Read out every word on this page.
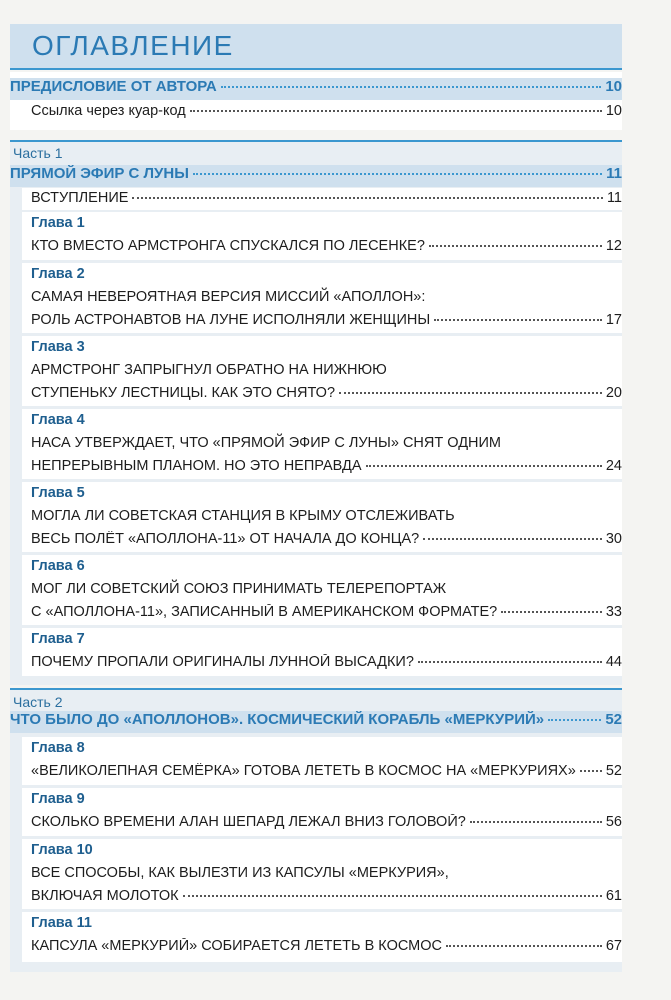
ОГЛАВЛЕНИЕ
ПРЕДИСЛОВИЕ ОТ АВТОРА	10
Ссылка через куар-код	10
Часть 1
ПРЯМОЙ ЭФИР С ЛУНЫ	11
ВСТУПЛЕНИЕ	11
Глава 1
КТО ВМЕСТО АРМСТРОНГА СПУСКАЛСЯ ПО ЛЕСЕНКЕ?	12
Глава 2
САМАЯ НЕВЕРОЯТНАЯ ВЕРСИЯ МИССИЙ «АПОЛЛОН»:
РОЛЬ АСТРОНАВТОВ НА ЛУНЕ ИСПОЛНЯЛИ ЖЕНЩИНЫ	17
Глава 3
АРМСТРОНГ ЗАПРЫГНУЛ ОБРАТНО НА НИЖНЮЮ
СТУПЕНЬКУ ЛЕСТНИЦЫ. КАК ЭТО СНЯТО?	20
Глава 4
НАСА УТВЕРЖДАЕТ, ЧТО «ПРЯМОЙ ЭФИР С ЛУНЫ» СНЯТ ОДНИМ
НЕПРЕРЫВНЫМ ПЛАНОМ. НО ЭТО НЕПРАВДА	24
Глава 5
МОГЛА ЛИ СОВЕТСКАЯ СТАНЦИЯ В КРЫМУ ОТСЛЕЖИВАТЬ
ВЕСЬ ПОЛЁТ «АПОЛЛОНА-11» ОТ НАЧАЛА ДО КОНЦА?	30
Глава 6
МОГ ЛИ СОВЕТСКИЙ СОЮЗ ПРИНИМАТЬ ТЕЛЕРЕПОРТАЖ
С «АПОЛЛОНА-11», ЗАПИСАННЫЙ В АМЕРИКАНСКОМ ФОРМАТЕ?	33
Глава 7
ПОЧЕМУ ПРОПАЛИ ОРИГИНАЛЫ ЛУННОЙ ВЫСАДКИ?	44
Часть 2
ЧТО БЫЛО ДО «АПОЛЛОНОВ». КОСМИЧЕСКИЙ КОРАБЛЬ «МЕРКУРИЙ»	52
Глава 8
«ВЕЛИКОЛЕПНАЯ СЕМЁРКА» ГОТОВА ЛЕТЕТЬ В КОСМОС НА «МЕРКУРИЯХ» 52
Глава 9
СКОЛЬКО ВРЕМЕНИ АЛАН ШЕПАРД ЛЕЖАЛ ВНИЗ ГОЛОВОЙ?	56
Глава 10
ВСЕ СПОСОБЫ, КАК ВЫЛЕЗТИ ИЗ КАПСУЛЫ «МЕРКУРИЯ»,
ВКЛЮЧАЯ МОЛОТОК	61
Глава 11
КАПСУЛА «МЕРКУРИЙ» СОБИРАЕТСЯ ЛЕТЕТЬ В КОСМОС	67
